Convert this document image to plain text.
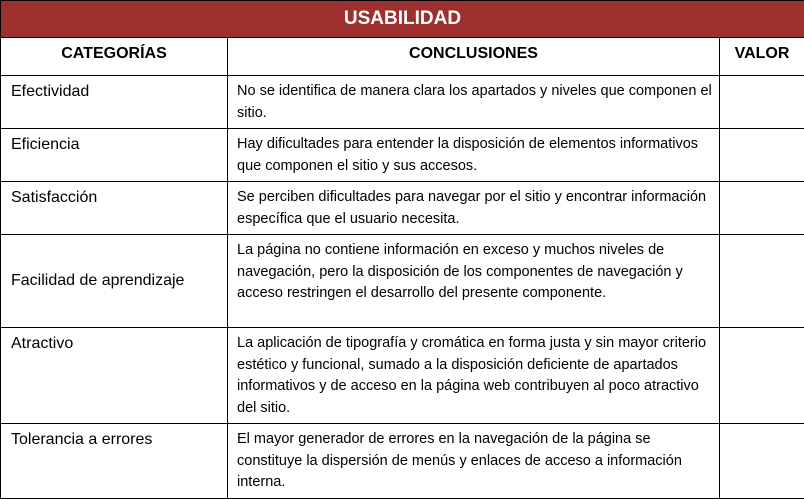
USABILIDAD		
CATEGORÍAS	CONCLUSIONES	VALOR
Efectividad	No se identifica de manera clara los apartados y niveles que componen el sitio.	
Eficiencia	Hay dificultades para entender la disposición de elementos informativos que componen el sitio y sus accesos.	
Satisfacción	Se perciben dificultades para navegar por el sitio y encontrar información específica que el usuario necesita.	
Facilidad de aprendizaje	La página no contiene información en exceso y muchos niveles de navegación, pero la disposición de los componentes de navegación y acceso restringen el desarrollo del presente componente.	
Atractivo	La aplicación de tipografía y cromática en forma justa y sin mayor criterio estético y funcional, sumado a la disposición deficiente de apartados informativos y de acceso en la página web contribuyen al poco atractivo del sitio.	
Tolerancia a errores	El mayor generador de errores en la navegación de la página se constituye la dispersión de menús y enlaces de acceso a información interna.	
